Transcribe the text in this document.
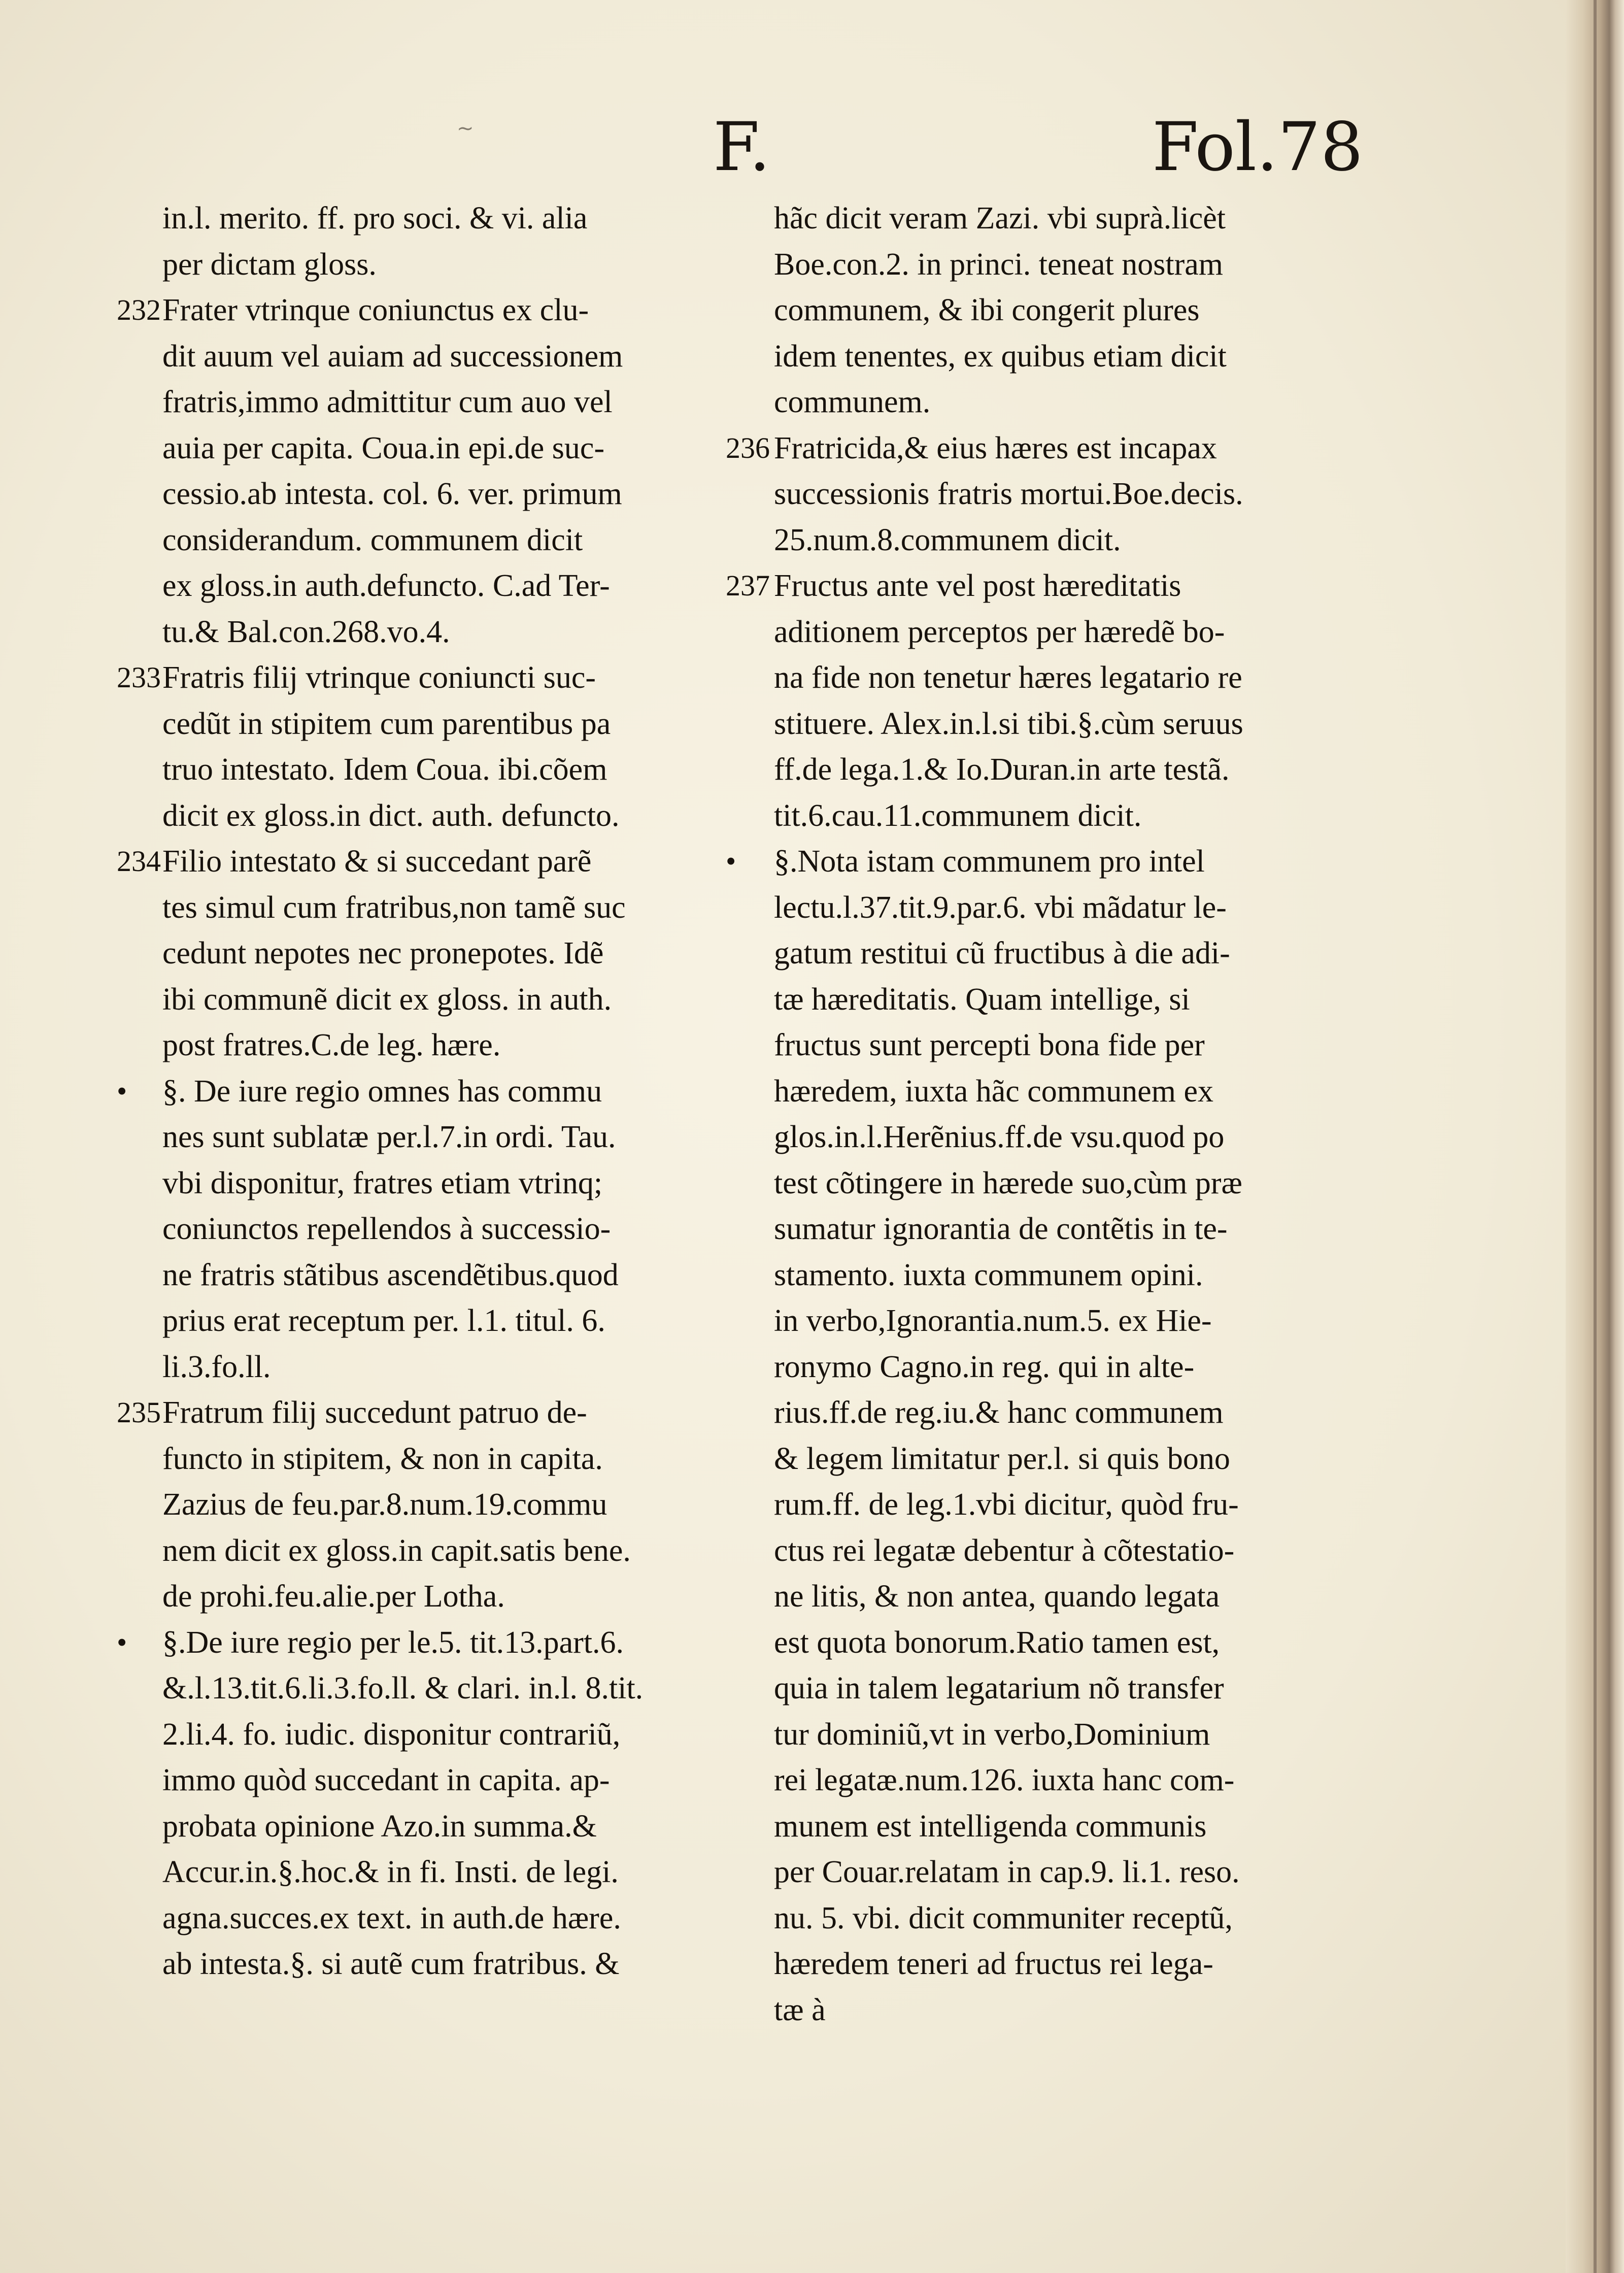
~	F.	Fol.78
in.l. merito. ff. pro soci. & vi. alia
per dictam gloss.
Frater vtrinque coniunctus ex clu-
dit auum vel auiam ad successionem
fratris,immo admittitur cum auo vel
auia per capita. Coua.in epi.de suc-
cessio.ab intesta. col. 6. ver. primum
considerandum. communem dicit
ex gloss.in auth.defuncto. C.ad Ter-
tu.& Bal.con.268.vo.4.
Fratris filij vtrinque coniuncti suc-
cedũt in stipitem cum parentibus pa
truo intestato. Idem Coua. ibi.cõem
dicit ex gloss.in dict. auth. defuncto.
Filio intestato & si succedant parẽ
tes simul cum fratribus,non tamẽ suc
cedunt nepotes nec pronepotes. Idẽ
ibi communẽ dicit ex gloss. in auth.
post fratres.C.de leg. hære.
§. De iure regio omnes has commu
nes sunt sublatæ per.l.7.in ordi. Tau.
vbi disponitur, fratres etiam vtrinq;
coniunctos repellendos à successio-
ne fratris stãtibus ascendẽtibus.quod
prius erat receptum per. l.1. titul. 6.
li.3.fo.ll.
Fratrum filij succedunt patruo de-
functo in stipitem, & non in capita.
Zazius de feu.par.8.num.19.commu
nem dicit ex gloss.in capit.satis bene.
de prohi.feu.alie.per Lotha.
§.De iure regio per le.5. tit.13.part.6.
&.l.13.tit.6.li.3.fo.ll. & clari. in.l. 8.tit.
2.li.4. fo. iudic. disponitur contrariũ,
immo quòd succedant in capita. ap-
probata opinione Azo.in summa.&
Accur.in.§.hoc.& in fi. Insti. de legi.
agna.succes.ex text. in auth.de hære.
ab intesta.§. si autẽ cum fratribus. &
hãc dicit veram Zazi. vbi suprà.licèt
Boe.con.2. in princi. teneat nostram
communem, & ibi congerit plures
idem tenentes, ex quibus etiam dicit
communem.
Fratricida,& eius hæres est incapax
successionis fratris mortui.Boe.decis.
25.num.8.communem dicit.
Fructus ante vel post hæreditatis
aditionem perceptos per hæredẽ bo-
na fide non tenetur hæres legatario re
stituere. Alex.in.l.si tibi.§.cùm seruus
ff.de lega.1.& Io.Duran.in arte testã.
tit.6.cau.11.communem dicit.
§.Nota istam communem pro intel
lectu.l.37.tit.9.par.6. vbi mãdatur le-
gatum restitui cũ fructibus à die adi-
tæ hæreditatis. Quam intellige, si
fructus sunt percepti bona fide per
hæredem, iuxta hãc communem ex
glos.in.l.Herẽnius.ff.de vsu.quod po
test cõtingere in hærede suo,cùm præ
sumatur ignorantia de contẽtis in te-
stamento. iuxta communem opini.
in verbo,Ignorantia.num.5. ex Hie-
ronymo Cagno.in reg. qui in alte-
rius.ff.de reg.iu.& hanc communem
& legem limitatur per.l. si quis bono
rum.ff. de leg.1.vbi dicitur, quòd fru-
ctus rei legatæ debentur à cõtestatio-
ne litis, & non antea, quando legata
est quota bonorum.Ratio tamen est,
quia in talem legatarium nõ transfer
tur dominiũ,vt in verbo,Dominium
rei legatæ.num.126. iuxta hanc com-
munem est intelligenda communis
per Couar.relatam in cap.9. li.1. reso.
nu. 5. vbi. dicit communiter receptũ,
hæredem teneri ad fructus rei lega-
tæ à
232
233
234
•
235
•
236
237
•
